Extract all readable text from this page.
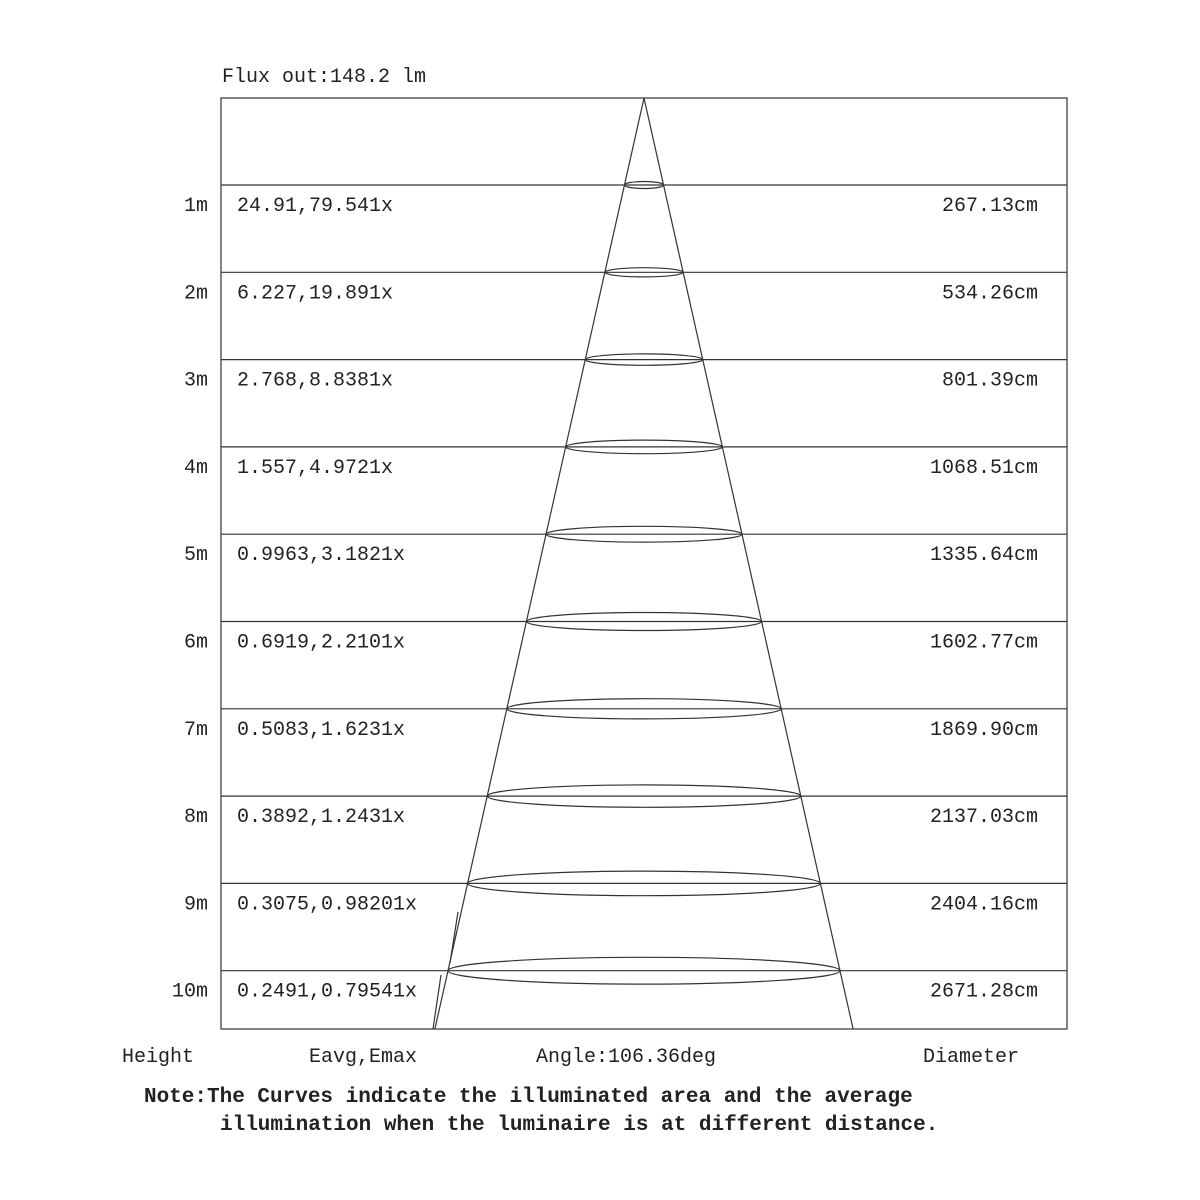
Flux out:148.2 lm
1m 24.91,79.541x	267.13cm
2m 6.227,19.891x	534.26cm
3m 2.768,8.8381x	801.39cm
4m 1.557,4.9721x	1068.51cm
5m 0.9963,3.1821x	1335.64cm
6m 0.6919,2.2101x	1602.77cm
7m 0.5083,1.6231x	1869.90cm
8m 0.3892,1.2431x	2137.03cm
9m 0.3075,0.98201x	2404.16cm
10m 0.2491,0.79541x	2671.28cm
Height	Eavg,Emax	Angle:106.36deg	Diameter
Note:The Curves indicate the illuminated area and the average
illumination when the luminaire is at different distance.
